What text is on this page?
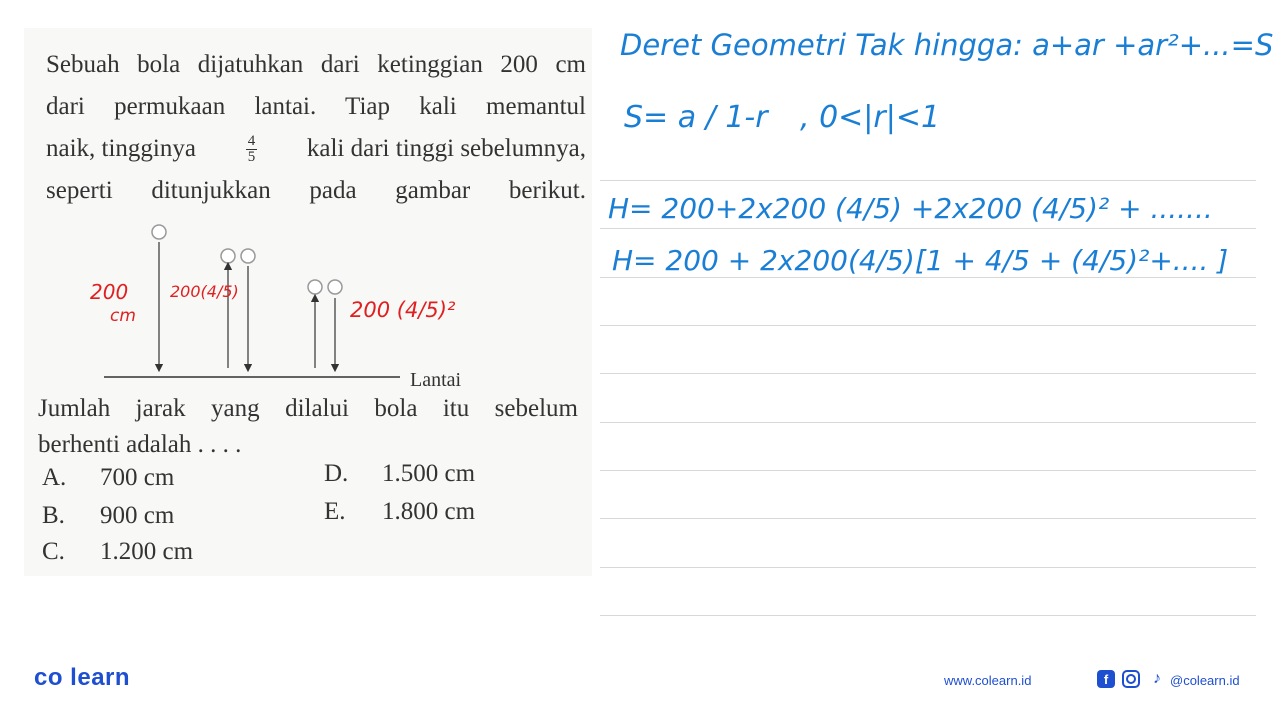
Sebuah bola dijatuhkan dari ketinggian 200 cm
dari permukaan lantai. Tiap kali memantul
naik, tingginya	$\frac{4}{5}$ kali dari tinggi sebelumnya,
seperti ditunjukkan pada gambar berikut.
Lantai
Jumlah jarak yang dilalui bola itu sebelum
berhenti adalah . . . .
A.	700 cm
B.	900 cm
C.	1.200 cm
D.	1.500 cm
E.	1.800 cm
200
cm
200(4/5)
200 (4/5)²
Deret Geometri Tak hingga: a+ar +ar²+...=S
S= a / 1-r , 0<|r|<1
H= 200+2x200 (4/5) +2x200 (4/5)² + .......
H= 200 + 2x200(4/5)[1 + 4/5 + (4/5)²+.... ]
co learn	www.colearn.id	f	♪ @colearn.id
